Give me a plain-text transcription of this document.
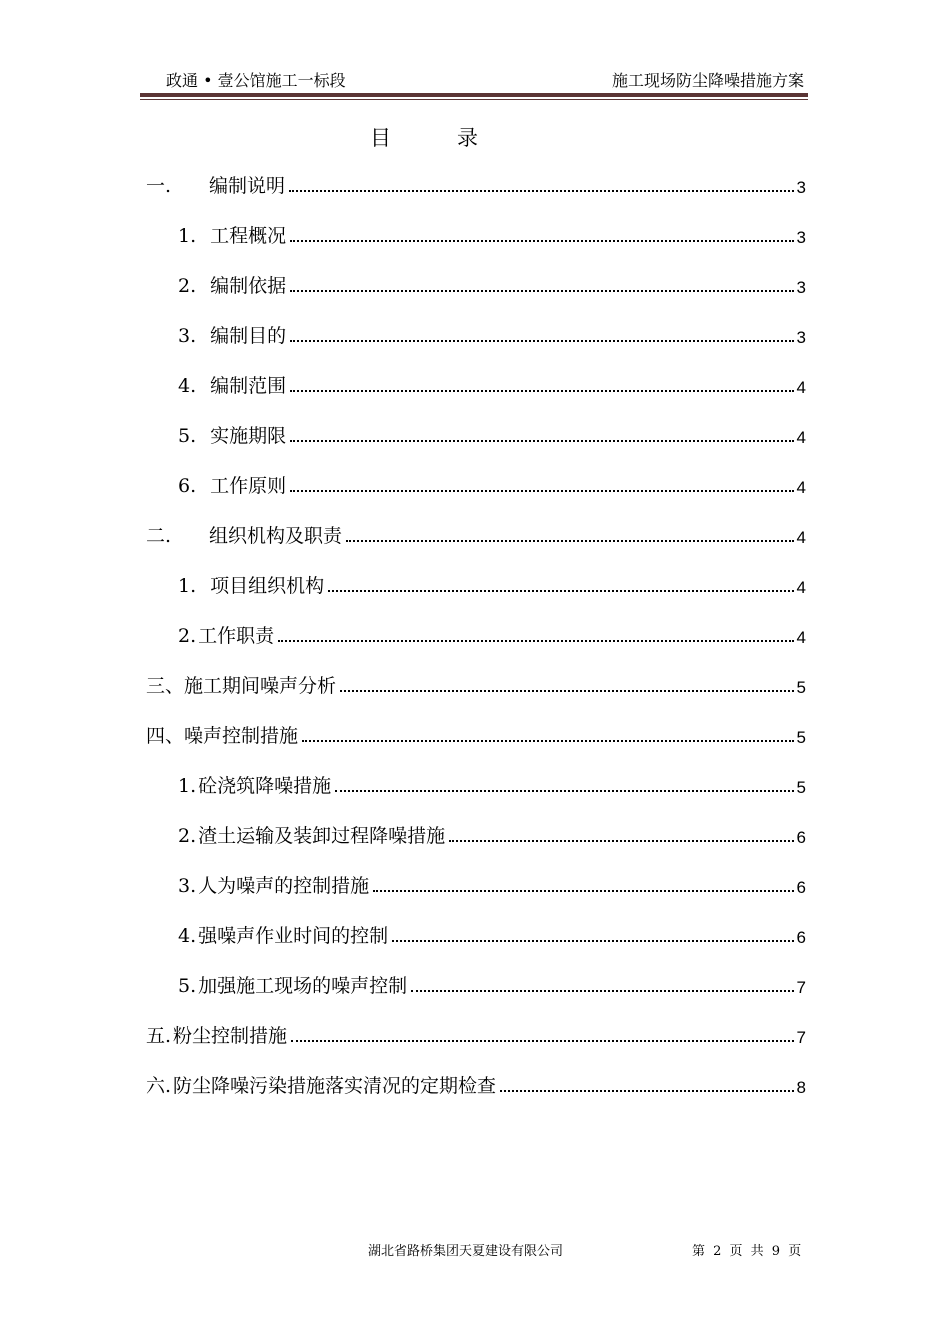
政通 • 壹公馆施工一标段	施工现场防尘降噪措施方案
目	录
一. 编制说明	3
1. 工程概况	3
2. 编制依据	3
3. 编制目的	3
4. 编制范围	4
5. 实施期限	4
6. 工作原则	4
二. 组织机构及职责	4
1. 项目组织机构	4
2. 工作职责	4
三、施工期间噪声分析	5
四、噪声控制措施	5
1. 砼浇筑降噪措施	5
2. 渣土运输及装卸过程降噪措施	6
3. 人为噪声的控制措施	6
4. 强噪声作业时间的控制	6
5. 加强施工现场的噪声控制	7
五. 粉尘控制措施	7
六. 防尘降噪污染措施落实清况的定期检查	8
湖北省路桥集团天夏建设有限公司	第 2 页 共 9 页
